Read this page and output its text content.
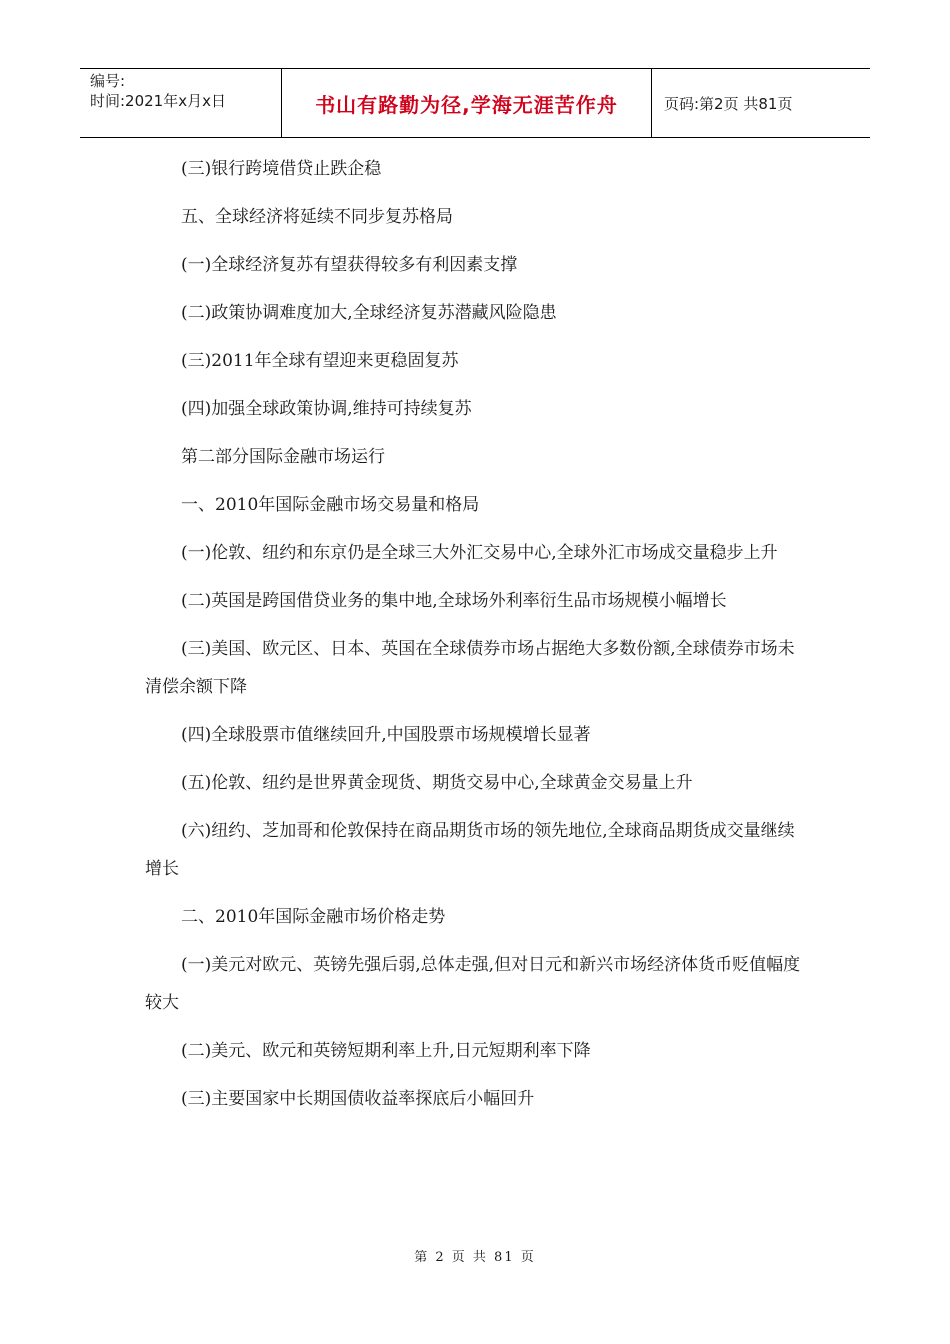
编号:
时间:2021年x月x日	书山有路勤为径,学海无涯苦作舟	页码:第2页 共81页

(三)银行跨境借贷止跌企稳

五、全球经济将延续不同步复苏格局

(一)全球经济复苏有望获得较多有利因素支撑

(二)政策协调难度加大,全球经济复苏潜藏风险隐患

(三)2011年全球有望迎来更稳固复苏

(四)加强全球政策协调,维持可持续复苏

第二部分国际金融市场运行

一、2010年国际金融市场交易量和格局

(一)伦敦、纽约和东京仍是全球三大外汇交易中心,全球外汇市场成交量稳步上升

(二)英国是跨国借贷业务的集中地,全球场外利率衍生品市场规模小幅增长

(三)美国、欧元区、日本、英国在全球债券市场占据绝大多数份额,全球债券市场未清偿余额下降

(四)全球股票市值继续回升,中国股票市场规模增长显著

(五)伦敦、纽约是世界黄金现货、期货交易中心,全球黄金交易量上升

(六)纽约、芝加哥和伦敦保持在商品期货市场的领先地位,全球商品期货成交量继续增长

二、2010年国际金融市场价格走势

(一)美元对欧元、英镑先强后弱,总体走强,但对日元和新兴市场经济体货币贬值幅度较大

(二)美元、欧元和英镑短期利率上升,日元短期利率下降

(三)主要国家中长期国债收益率探底后小幅回升

第 2 页 共 81 页
